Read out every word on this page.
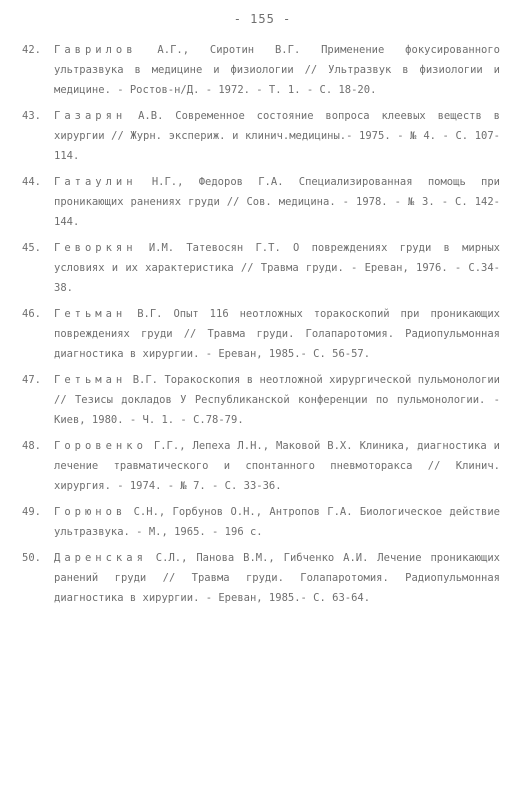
- 155 -
42.	Гаврилов А.Г., Сиротин В.Г. Применение фокусированного ультразвука в медицине и физиологии // Ультразвук в физиологии и медицине. - Ростов-н/Д. - 1972. - Т. 1. - С. 18-20.
43.	Газарян А.В. Современное состояние вопроса клеевых веществ в хирургии // Журн. экспериж. и клинич.медицины.- 1975. - № 4. - С. 107-114.
44.	Гатаулин Н.Г., Федоров Г.А. Специализированная помощь при проникающих ранениях груди // Сов. медицина. - 1978. - № 3. - С. 142-144.
45.	Геворкян И.М. Татевосян Г.Т. О повреждениях груди в мирных условиях и их характеристика // Травма груди. - Ереван, 1976. - С.34-38.
46.	Гетьман В.Г. Опыт 116 неотложных торакоскопий при проникающих повреждениях груди // Травма груди. Голапаротомия. Радиопульмонная диагностика в хирургии. - Ереван, 1985.- С. 56-57.
47.	Гетьман В.Г. Торакоскопия в неотложной хирургической пульмонологии // Тезисы докладов У Республиканской конференции по пульмонологии. - Киев, 1980. - Ч. 1. - С.78-79.
48.	Горовенко Г.Г., Лепеха Л.Н., Маковой В.Х. Клиника, диагностика и лечение травматического и спонтанного пневмоторакса // Клинич. хирургия. - 1974. - № 7. - С. 33-36.
49.	Горюнов С.Н., Горбунов О.Н., Антропов Г.А. Биологическое действие ультразвука. - М., 1965. - 196 с.
50.	Даренская С.Л., Панова В.М., Гибченко А.И. Лечение проникающих ранений груди // Травма груди. Голапаротомия. Радиопульмонная диагностика в хирургии. - Ереван, 1985.- С. 63-64.
